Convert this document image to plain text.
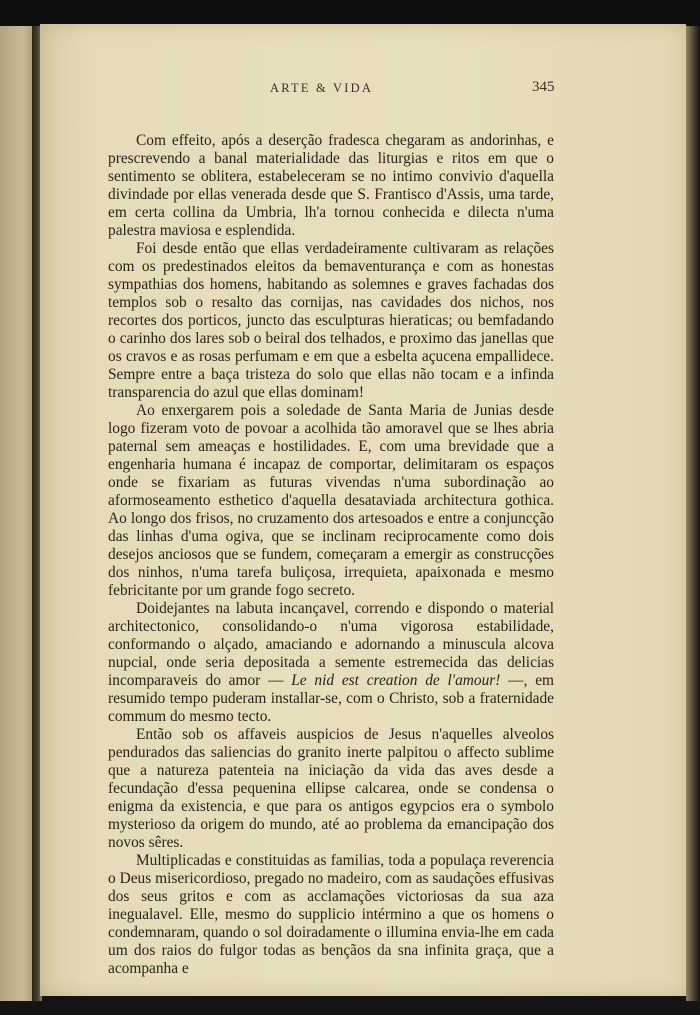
ARTE & VIDA	345

Com effeito, após a deserção fradesca chegaram as andorinhas, e prescrevendo a banal materialidade das liturgias e ritos em que o sentimento se oblitera, estabeleceram se no intimo convivio d'aquella divindade por ellas venerada desde que S. Frantisco d'Assis, uma tarde, em certa collina da Umbria, lh'a tornou conhecida e dilecta n'uma palestra maviosa e esplendida.

Foi desde então que ellas verdadeiramente cultivaram as relações com os predestinados eleitos da bemaventurança e com as honestas sympathias dos homens, habitando as solemnes e graves fachadas dos templos sob o resalto das cornijas, nas cavidades dos nichos, nos recortes dos porticos, juncto das esculpturas hieraticas; ou bemfadando o carinho dos lares sob o beiral dos telhados, e proximo das janellas que os cravos e as rosas perfumam e em que a esbelta açucena empallidece. Sempre entre a baça tristeza do solo que ellas não tocam e a infinda transparencia do azul que ellas dominam!

Ao enxergarem pois a soledade de Santa Maria de Junias desde logo fizeram voto de povoar a acolhida tão amoravel que se lhes abria paternal sem ameaças e hostilidades. E, com uma brevidade que a engenharia humana é incapaz de comportar, delimitaram os espaços onde se fixariam as futuras vivendas n'uma subordinação ao aformoseamento esthetico d'aquella desataviada architectura gothica. Ao longo dos frisos, no cruzamento dos artesoados e entre a conjuncção das linhas d'uma ogiva, que se inclinam reciprocamente como dois desejos anciosos que se fundem, começaram a emergir as construcções dos ninhos, n'uma tarefa buliçosa, irrequieta, apaixonada e mesmo febricitante por um grande fogo secreto.

Doidejantes na labuta incançavel, correndo e dispondo o material architectonico, consolidando-o n'uma vigorosa estabilidade, conformando o alçado, amaciando e adornando a minuscula alcova nupcial, onde seria depositada a semente estremecida das delicias incomparaveis do amor — Le nid est creation de l'amour! —, em resumido tempo puderam installar-se, com o Christo, sob a fraternidade commum do mesmo tecto.

Então sob os affaveis auspicios de Jesus n'aquelles alveolos pendurados das saliencias do granito inerte palpitou o affecto sublime que a natureza patenteia na iniciação da vida das aves desde a fecundação d'essa pequenina ellipse calcarea, onde se condensa o enigma da existencia, e que para os antigos egypcios era o symbolo mysterioso da origem do mundo, até ao problema da emancipação dos novos sêres.

Multiplicadas e constituidas as familias, toda a populaça reverencia o Deus misericordioso, pregado no madeiro, com as saudações effusivas dos seus gritos e com as acclamações victoriosas da sua aza inegualavel. Elle, mesmo do supplicio intérmino a que os homens o condemnaram, quando o sol doiradamente o illumina envia-lhe em cada um dos raios do fulgor todas as bençãos da sna infinita graça, que a acompanha e
